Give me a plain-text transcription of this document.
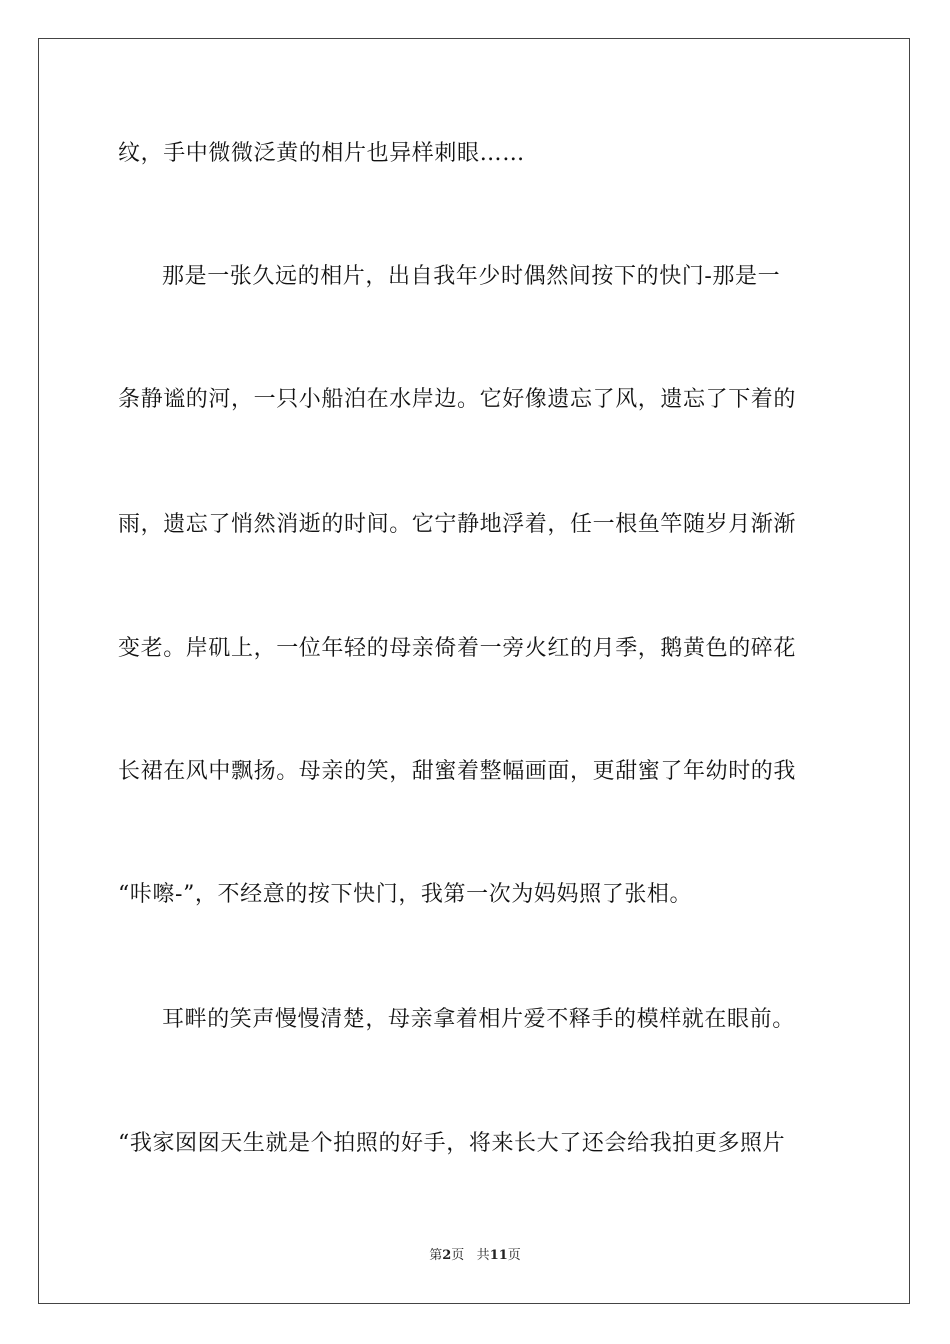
纹，手中微微泛黄的相片也异样刺眼……
那是一张久远的相片，出自我年少时偶然间按下的快门-那是一
条静谧的河，一只小船泊在水岸边。它好像遗忘了风，遗忘了下着的
雨，遗忘了悄然消逝的时间。它宁静地浮着，任一根鱼竿随岁月渐渐
变老。岸矶上，一位年轻的母亲倚着一旁火红的月季，鹅黄色的碎花
长裙在风中飘扬。母亲的笑，甜蜜着整幅画面，更甜蜜了年幼时的我
“咔嚓-”，不经意的按下快门，我第一次为妈妈照了张相。
耳畔的笑声慢慢清楚，母亲拿着相片爱不释手的模样就在眼前。
“我家囡囡天生就是个拍照的好手，将来长大了还会给我拍更多照片
第2页 共11页
